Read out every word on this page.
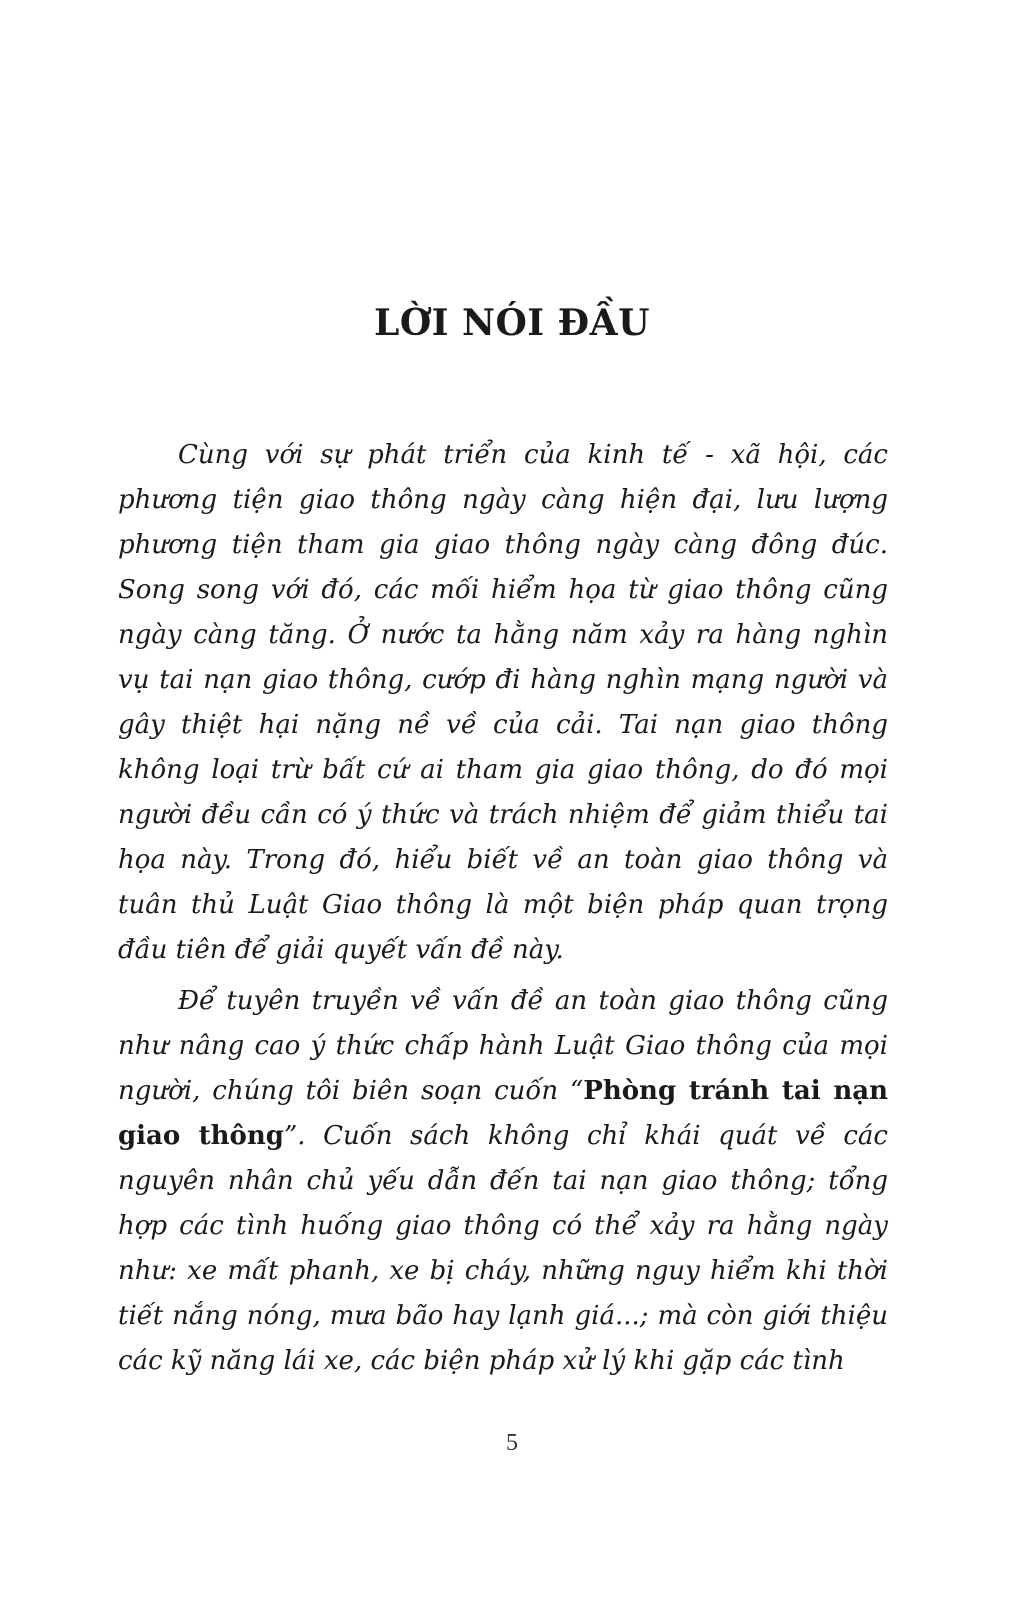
LỜI NÓI ĐẦU

Cùng với sự phát triển của kinh tế - xã hội, các phương tiện giao thông ngày càng hiện đại, lưu lượng phương tiện tham gia giao thông ngày càng đông đúc. Song song với đó, các mối hiểm họa từ giao thông cũng ngày càng tăng. Ở nước ta hằng năm xảy ra hàng nghìn vụ tai nạn giao thông, cướp đi hàng nghìn mạng người và gây thiệt hại nặng nề về của cải. Tai nạn giao thông không loại trừ bất cứ ai tham gia giao thông, do đó mọi người đều cần có ý thức và trách nhiệm để giảm thiểu tai họa này. Trong đó, hiểu biết về an toàn giao thông và tuân thủ Luật Giao thông là một biện pháp quan trọng đầu tiên để giải quyết vấn đề này.

Để tuyên truyền về vấn đề an toàn giao thông cũng như nâng cao ý thức chấp hành Luật Giao thông của mọi người, chúng tôi biên soạn cuốn “Phòng tránh tai nạn giao thông”. Cuốn sách không chỉ khái quát về các nguyên nhân chủ yếu dẫn đến tai nạn giao thông; tổng hợp các tình huống giao thông có thể xảy ra hằng ngày như: xe mất phanh, xe bị cháy, những nguy hiểm khi thời tiết nắng nóng, mưa bão hay lạnh giá...; mà còn giới thiệu các kỹ năng lái xe, các biện pháp xử lý khi gặp các tình

5
